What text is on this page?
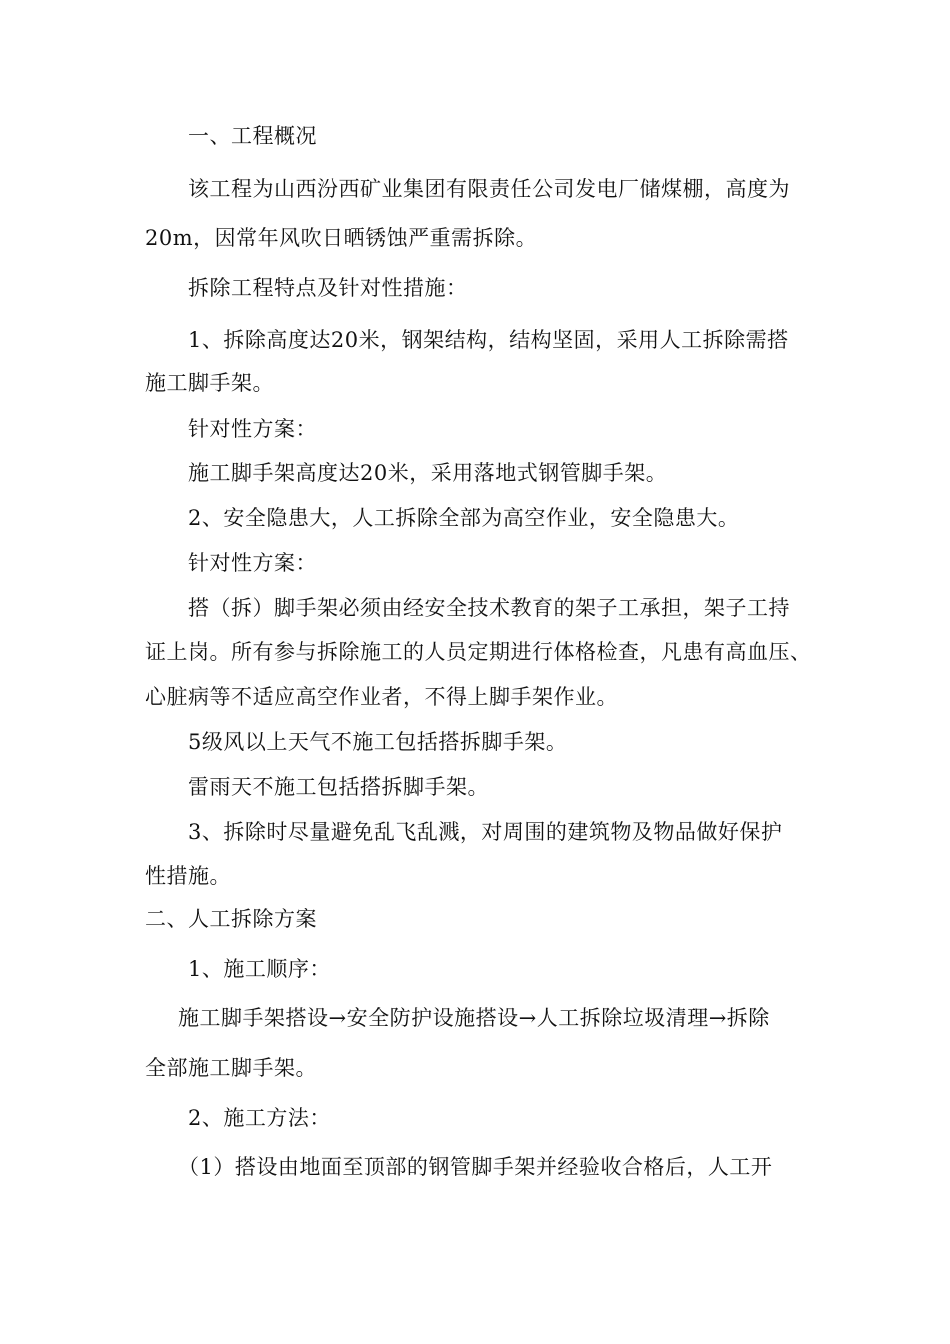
一、工程概况
该工程为山西汾西矿业集团有限责任公司发电厂储煤棚，高度为
20m，因常年风吹日晒锈蚀严重需拆除。
拆除工程特点及针对性措施：
1、拆除高度达20米，钢架结构，结构坚固，采用人工拆除需搭
施工脚手架。
针对性方案：
施工脚手架高度达20米，采用落地式钢管脚手架。
2、安全隐患大，人工拆除全部为高空作业，安全隐患大。
针对性方案：
搭（拆）脚手架必须由经安全技术教育的架子工承担，架子工持
证上岗。所有参与拆除施工的人员定期进行体格检查，凡患有高血压、
心脏病等不适应高空作业者，不得上脚手架作业。
5级风以上天气不施工包括搭拆脚手架。
雷雨天不施工包括搭拆脚手架。
3、拆除时尽量避免乱飞乱溅，对周围的建筑物及物品做好保护
性措施。
二、人工拆除方案
1、施工顺序：
施工脚手架搭设→安全防护设施搭设→人工拆除垃圾清理→拆除
全部施工脚手架。
2、施工方法：
（1）搭设由地面至顶部的钢管脚手架并经验收合格后，人工开
